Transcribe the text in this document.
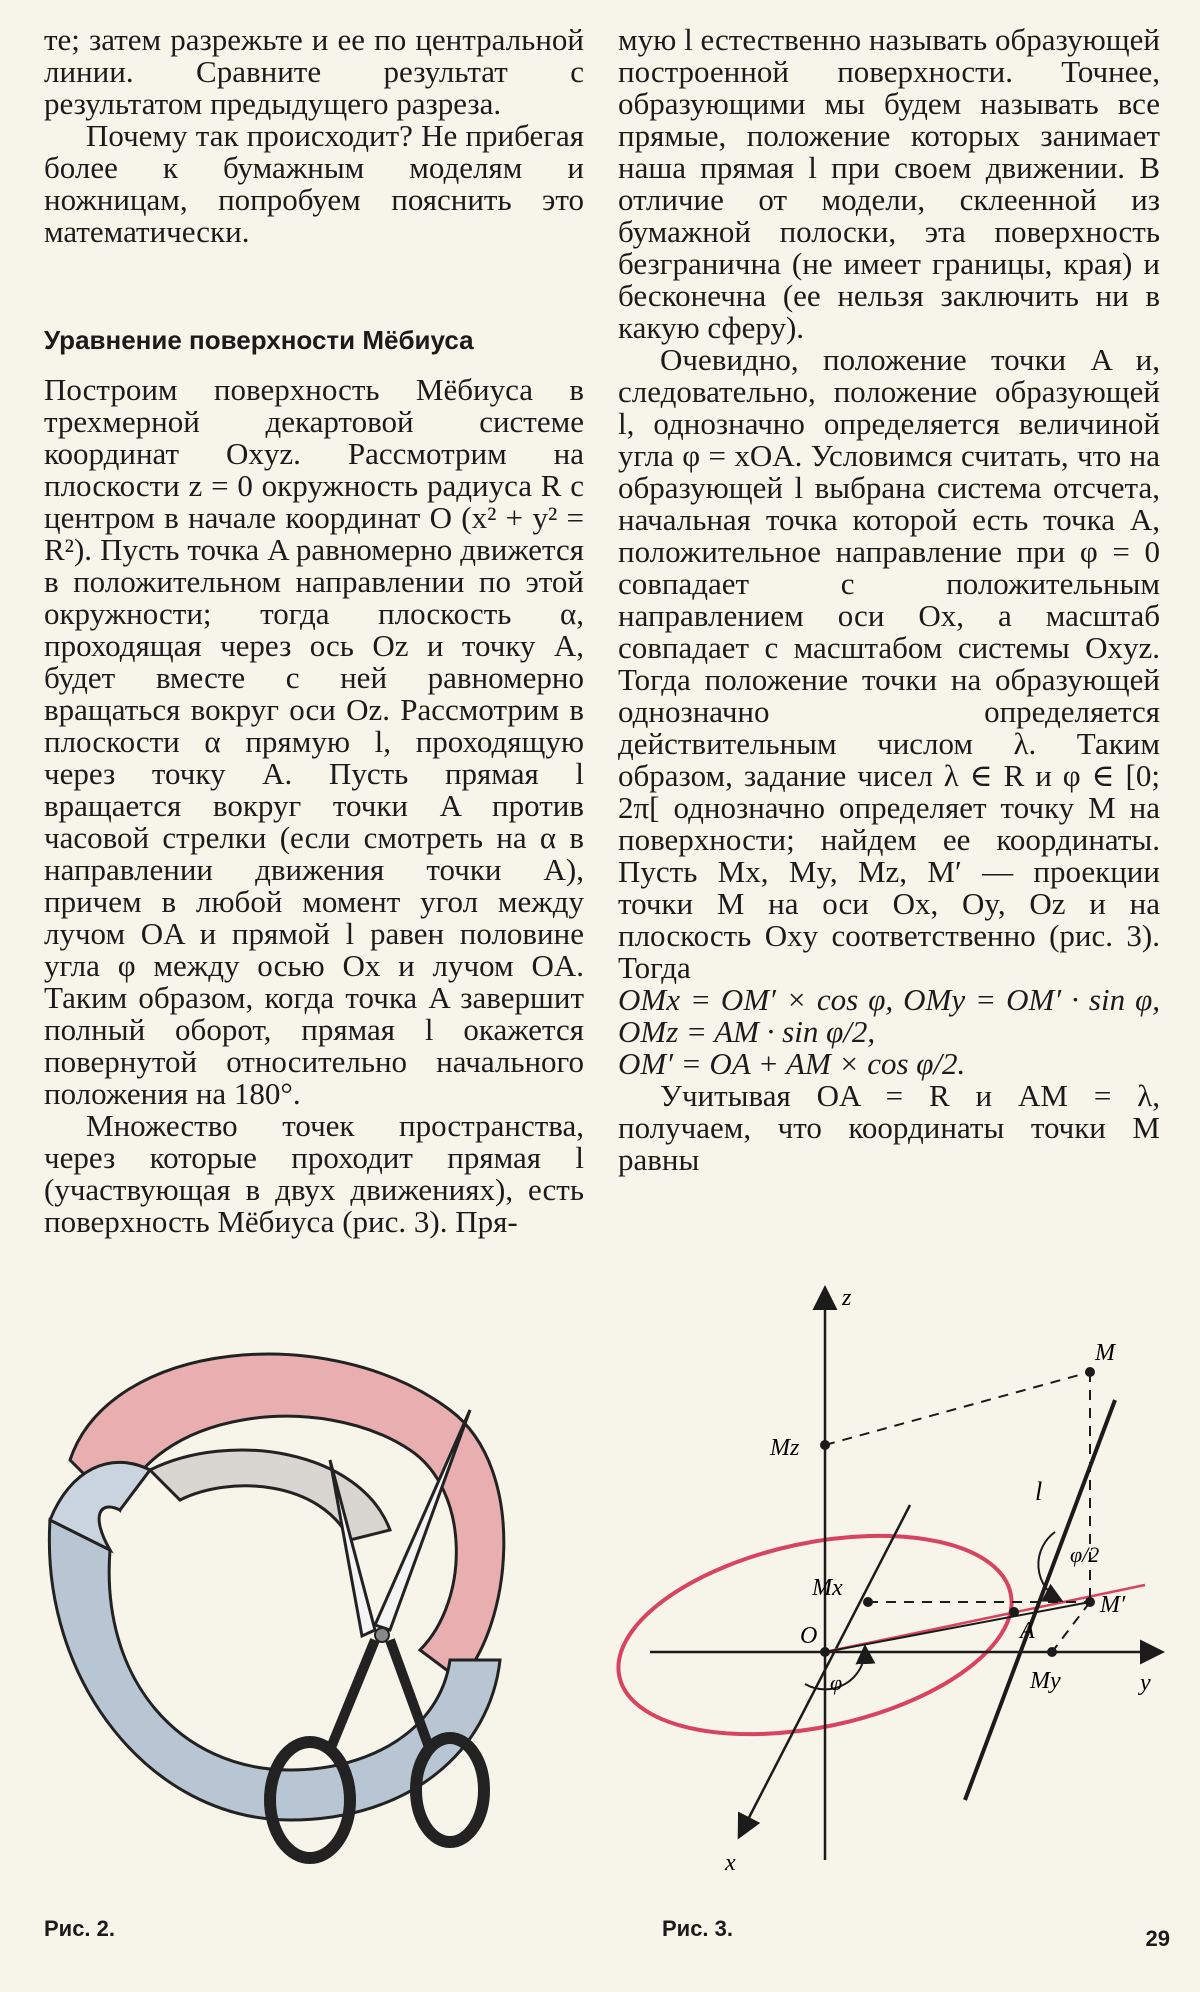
те; затем разрежьте и ее по центральной линии. Сравните результат с результатом предыдущего разреза.

Почему так происходит? Не прибегая более к бумажным моделям и ножницам, попробуем пояснить это математически.

Уравнение поверхности Мёбиуса

Построим поверхность Мёбиуса в трехмерной декартовой системе координат Oxyz. Рассмотрим на плоскости z = 0 окружность радиуса R с центром в начале координат O (x² + y² = R²). Пусть точка A равномерно движется в положительном направлении по этой окружности; тогда плоскость α, проходящая через ось Oz и точку A, будет вместе с ней равномерно вращаться вокруг оси Oz. Рассмотрим в плоскости α прямую l, проходящую через точку A. Пусть прямая l вращается вокруг точки A против часовой стрелки (если смотреть на α в направлении движения точки A), причем в любой момент угол между лучом OA и прямой l равен половине угла φ между осью Ox и лучом OA. Таким образом, когда точка A завершит полный оборот, прямая l окажется повернутой относительно начального положения на 180°.

Множество точек пространства, через которые проходит прямая l (участвующая в двух движениях), есть поверхность Мёбиуса (рис. 3). Пря-

мую l естественно называть образующей построенной поверхности. Точнее, образующими мы будем называть все прямые, положение которых занимает наша прямая l при своем движении. В отличие от модели, склеенной из бумажной полоски, эта поверхность безгранична (не имеет границы, края) и бесконечна (ее нельзя заключить ни в какую сферу).

Очевидно, положение точки A и, следовательно, положение образующей l, однозначно определяется величиной угла φ = xOA. Условимся считать, что на образующей l выбрана система отсчета, начальная точка которой есть точка A, положительное направление при φ = 0 совпадает с положительным направлением оси Ox, а масштаб совпадает с масштабом системы Oxyz. Тогда положение точки на образующей однозначно определяется действительным числом λ. Таким образом, задание чисел λ ∈ R и φ ∈ [0; 2π[ однозначно определяет точку M на поверхности; найдем ее координаты. Пусть Mx, My, Mz, M′ — проекции точки M на оси Ox, Oy, Oz и на плоскость Oxy соответственно (рис. 3). Тогда

OMx = OM′ × cos φ, OMy = OM′ · sin φ, OMz = AM · sin φ/2,

OM′ = OA + AM × cos φ/2.

Учитывая OA = R и AM = λ, получаем, что координаты точки M равны

Рис. 2.
z
y
x
O
M
Mz
Mx
My
M′
A
l
φ
φ/2
Рис. 3.	29
